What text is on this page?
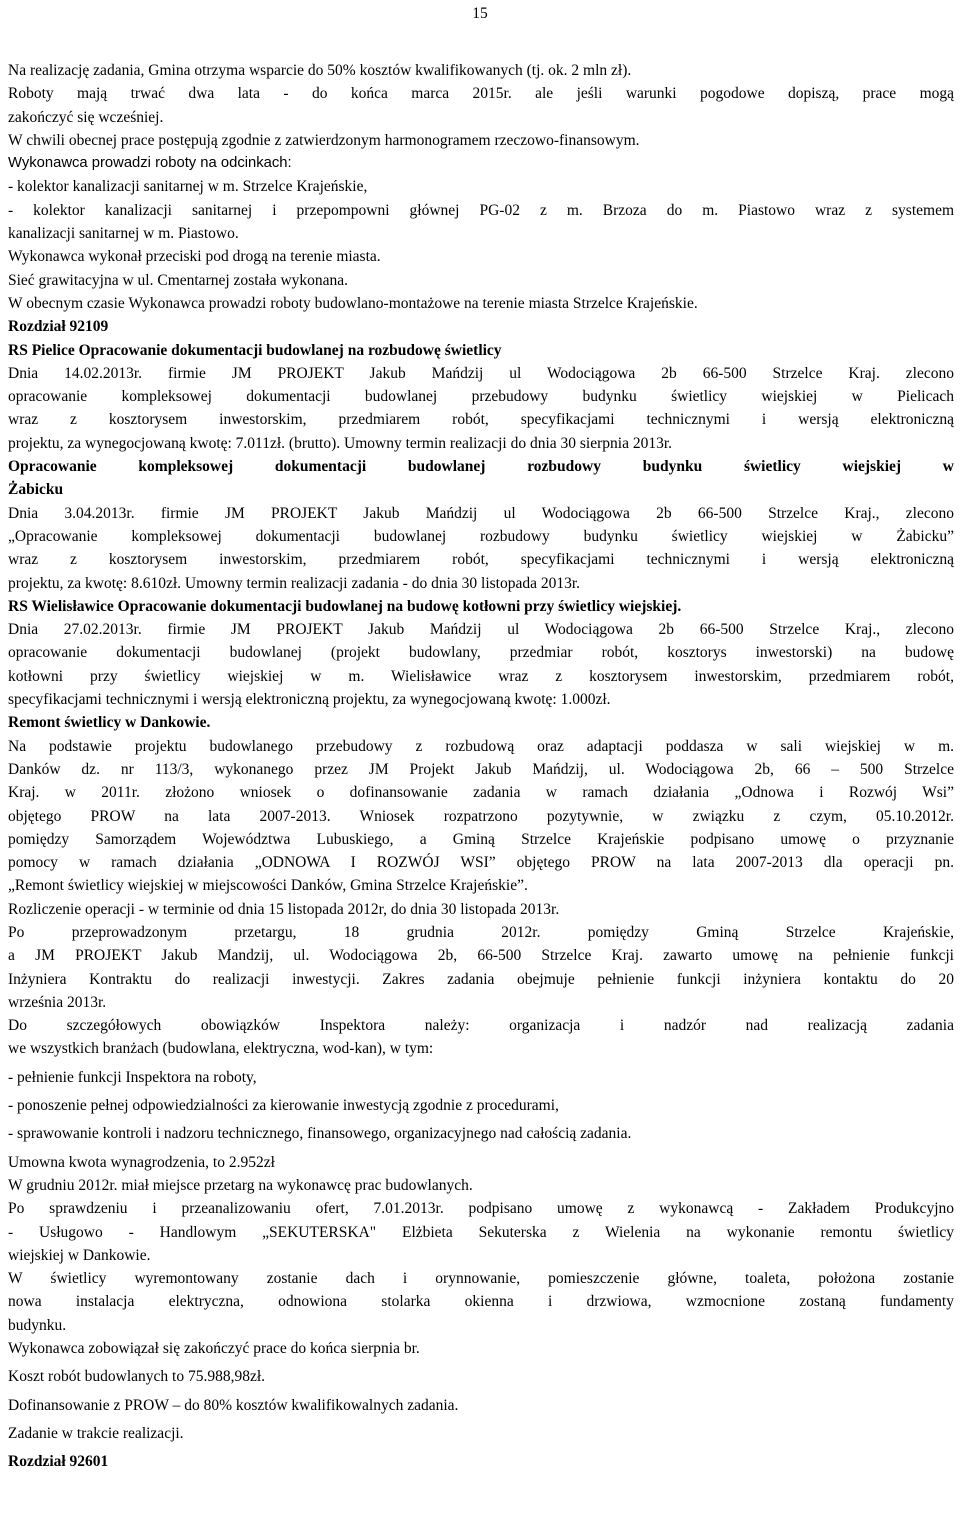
15

Na realizację zadania, Gmina otrzyma wsparcie do 50% kosztów kwalifikowanych (tj. ok. 2 mln zł).

Roboty mają trwać dwa lata - do końca marca 2015r. ale jeśli warunki pogodowe dopiszą, prace mogą

zakończyć się wcześniej.

W chwili obecnej prace postępują zgodnie z zatwierdzonym harmonogramem rzeczowo-finansowym.

Wykonawca prowadzi roboty na odcinkach:

- kolektor kanalizacji sanitarnej w m. Strzelce Krajeńskie,

- kolektor kanalizacji sanitarnej i przepompowni głównej PG-02 z m. Brzoza do m. Piastowo wraz z systemem

kanalizacji sanitarnej w m. Piastowo.

Wykonawca wykonał przeciski pod drogą na terenie miasta.

Sieć grawitacyjna w ul. Cmentarnej została wykonana.

W obecnym czasie Wykonawca prowadzi roboty budowlano-montażowe na terenie miasta Strzelce Krajeńskie.

Rozdział 92109

RS Pielice Opracowanie dokumentacji budowlanej na rozbudowę świetlicy

Dnia 14.02.2013r. firmie JM PROJEKT Jakub Mańdzij ul Wodociągowa 2b 66-500 Strzelce Kraj. zlecono

opracowanie kompleksowej dokumentacji budowlanej przebudowy budynku świetlicy wiejskiej w Pielicach

wraz z kosztorysem inwestorskim, przedmiarem robót, specyfikacjami technicznymi i wersją elektroniczną

projektu, za wynegocjowaną kwotę: 7.011zł. (brutto). Umowny termin realizacji do dnia 30 sierpnia 2013r.

Opracowanie kompleksowej dokumentacji budowlanej rozbudowy budynku świetlicy wiejskiej w

Żabicku

Dnia 3.04.2013r. firmie JM PROJEKT Jakub Mańdzij ul Wodociągowa 2b 66-500 Strzelce Kraj., zlecono

„Opracowanie kompleksowej dokumentacji budowlanej rozbudowy budynku świetlicy wiejskiej w Żabicku”

wraz z kosztorysem inwestorskim, przedmiarem robót, specyfikacjami technicznymi i wersją elektroniczną

projektu, za kwotę: 8.610zł. Umowny termin realizacji zadania - do dnia 30 listopada 2013r.

RS Wielisławice Opracowanie dokumentacji budowlanej na budowę kotłowni przy świetlicy wiejskiej.

Dnia 27.02.2013r. firmie JM PROJEKT Jakub Mańdzij ul Wodociągowa 2b 66-500 Strzelce Kraj., zlecono

opracowanie dokumentacji budowlanej (projekt budowlany, przedmiar robót, kosztorys inwestorski) na budowę

kotłowni przy świetlicy wiejskiej w m. Wielisławice wraz z kosztorysem inwestorskim, przedmiarem robót,

specyfikacjami technicznymi i wersją elektroniczną projektu, za wynegocjowaną kwotę: 1.000zł.

Remont świetlicy w Dankowie.

Na podstawie projektu budowlanego przebudowy z rozbudową oraz adaptacji poddasza w sali wiejskiej w m.

Danków dz. nr 113/3, wykonanego przez JM Projekt Jakub Mańdzij, ul. Wodociągowa 2b, 66 – 500 Strzelce

Kraj. w 2011r. złożono wniosek o dofinansowanie zadania w ramach działania „Odnowa i Rozwój Wsi”

objętego PROW na lata 2007-2013. Wniosek rozpatrzono pozytywnie, w związku z czym, 05.10.2012r.

pomiędzy Samorządem Województwa Lubuskiego, a Gminą Strzelce Krajeńskie podpisano umowę o przyznanie

pomocy w ramach działania „ODNOWA I ROZWÓJ WSI” objętego PROW na lata 2007-2013 dla operacji pn.

„Remont świetlicy wiejskiej w miejscowości Danków, Gmina Strzelce Krajeńskie”.

Rozliczenie operacji - w terminie od dnia 15 listopada 2012r, do dnia 30 listopada 2013r.

Po przeprowadzonym przetargu, 18 grudnia 2012r. pomiędzy Gminą Strzelce Krajeńskie,

a JM PROJEKT Jakub Mandzij, ul. Wodociągowa 2b, 66-500 Strzelce Kraj. zawarto umowę na pełnienie funkcji

Inżyniera Kontraktu do realizacji inwestycji. Zakres zadania obejmuje pełnienie funkcji inżyniera kontaktu do 20

września 2013r.

Do szczegółowych obowiązków Inspektora należy: organizacja i nadzór nad realizacją zadania

we wszystkich branżach (budowlana, elektryczna, wod-kan), w tym:

- pełnienie funkcji Inspektora na roboty,

- ponoszenie pełnej odpowiedzialności za kierowanie inwestycją zgodnie z procedurami,

- sprawowanie kontroli i nadzoru technicznego, finansowego, organizacyjnego nad całością zadania.

Umowna kwota wynagrodzenia, to 2.952zł

W grudniu 2012r. miał miejsce przetarg na wykonawcę prac budowlanych.

Po sprawdzeniu i przeanalizowaniu ofert, 7.01.2013r. podpisano umowę z wykonawcą - Zakładem Produkcyjno

- Usługowo - Handlowym „SEKUTERSKA" Elżbieta Sekuterska z Wielenia na wykonanie remontu świetlicy

wiejskiej w Dankowie.

W świetlicy wyremontowany zostanie dach i orynnowanie, pomieszczenie główne, toaleta, położona zostanie

nowa instalacja elektryczna, odnowiona stolarka okienna i drzwiowa, wzmocnione zostaną fundamenty

budynku.

Wykonawca zobowiązał się zakończyć prace do końca sierpnia br.

Koszt robót budowlanych to 75.988,98zł.

Dofinansowanie z PROW – do 80% kosztów kwalifikowalnych zadania.

Zadanie w trakcie realizacji.

Rozdział 92601
